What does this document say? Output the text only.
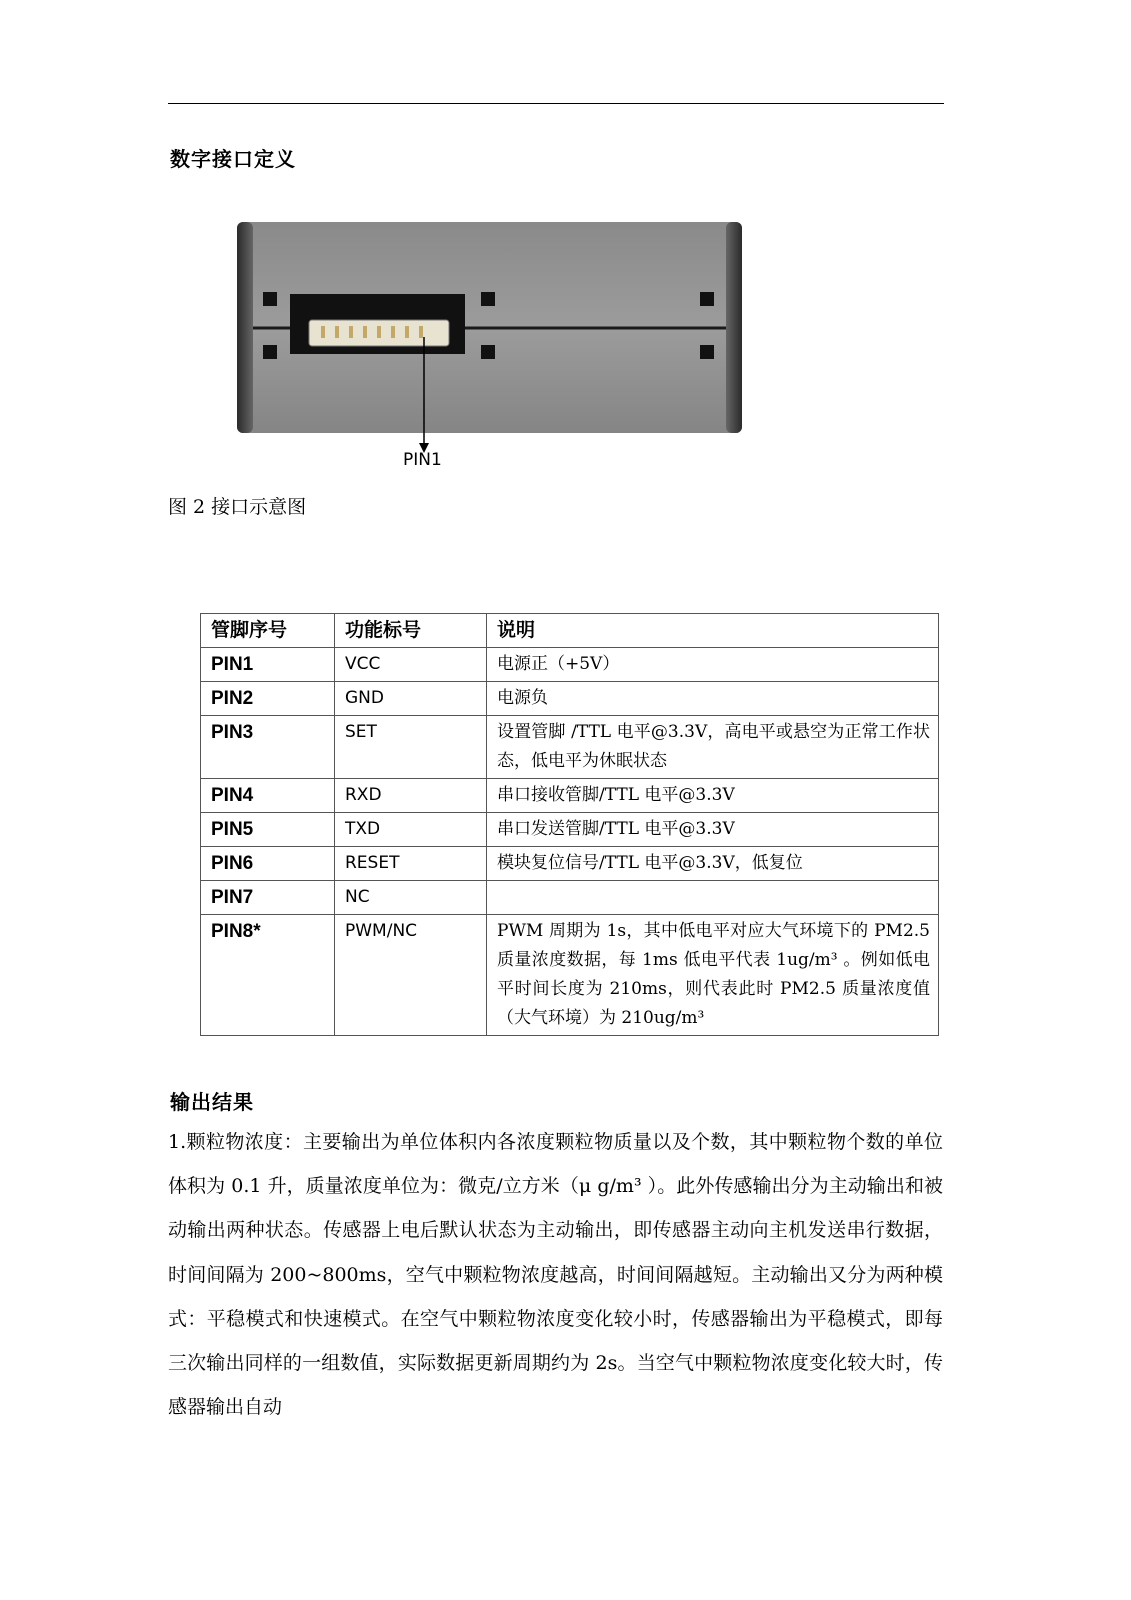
数字接口定义
PIN1
图 2 接口示意图
管脚序号	功能标号	说明
PIN1	VCC	电源正（+5V）
PIN2	GND	电源负
PIN3	SET	设置管脚 /TTL 电平@3.3V，高电平或悬空为正常工作状态，低电平为休眠状态
PIN4	RXD	串口接收管脚/TTL 电平@3.3V
PIN5	TXD	串口发送管脚/TTL 电平@3.3V
PIN6	RESET	模块复位信号/TTL 电平@3.3V，低复位
PIN7	NC	
PIN8*	PWM/NC	PWM 周期为 1s，其中低电平对应大气环境下的 PM2.5 质量浓度数据，每 1ms 低电平代表 1ug/m³ 。例如低电平时间长度为 210ms，则代表此时 PM2.5 质量浓度值（大气环境）为 210ug/m³
输出结果
1.颗粒物浓度：主要输出为单位体积内各浓度颗粒物质量以及个数，其中颗粒物个数的单位体积为 0.1 升，质量浓度单位为：微克/立方米（μ g/m³ ）。此外传感输出分为主动输出和被动输出两种状态。传感器上电后默认状态为主动输出，即传感器主动向主机发送串行数据，时间间隔为 200~800ms，空气中颗粒物浓度越高，时间间隔越短。主动输出又分为两种模式：平稳模式和快速模式。在空气中颗粒物浓度变化较小时，传感器输出为平稳模式，即每三次输出同样的一组数值，实际数据更新周期约为 2s。当空气中颗粒物浓度变化较大时，传感器输出自动
